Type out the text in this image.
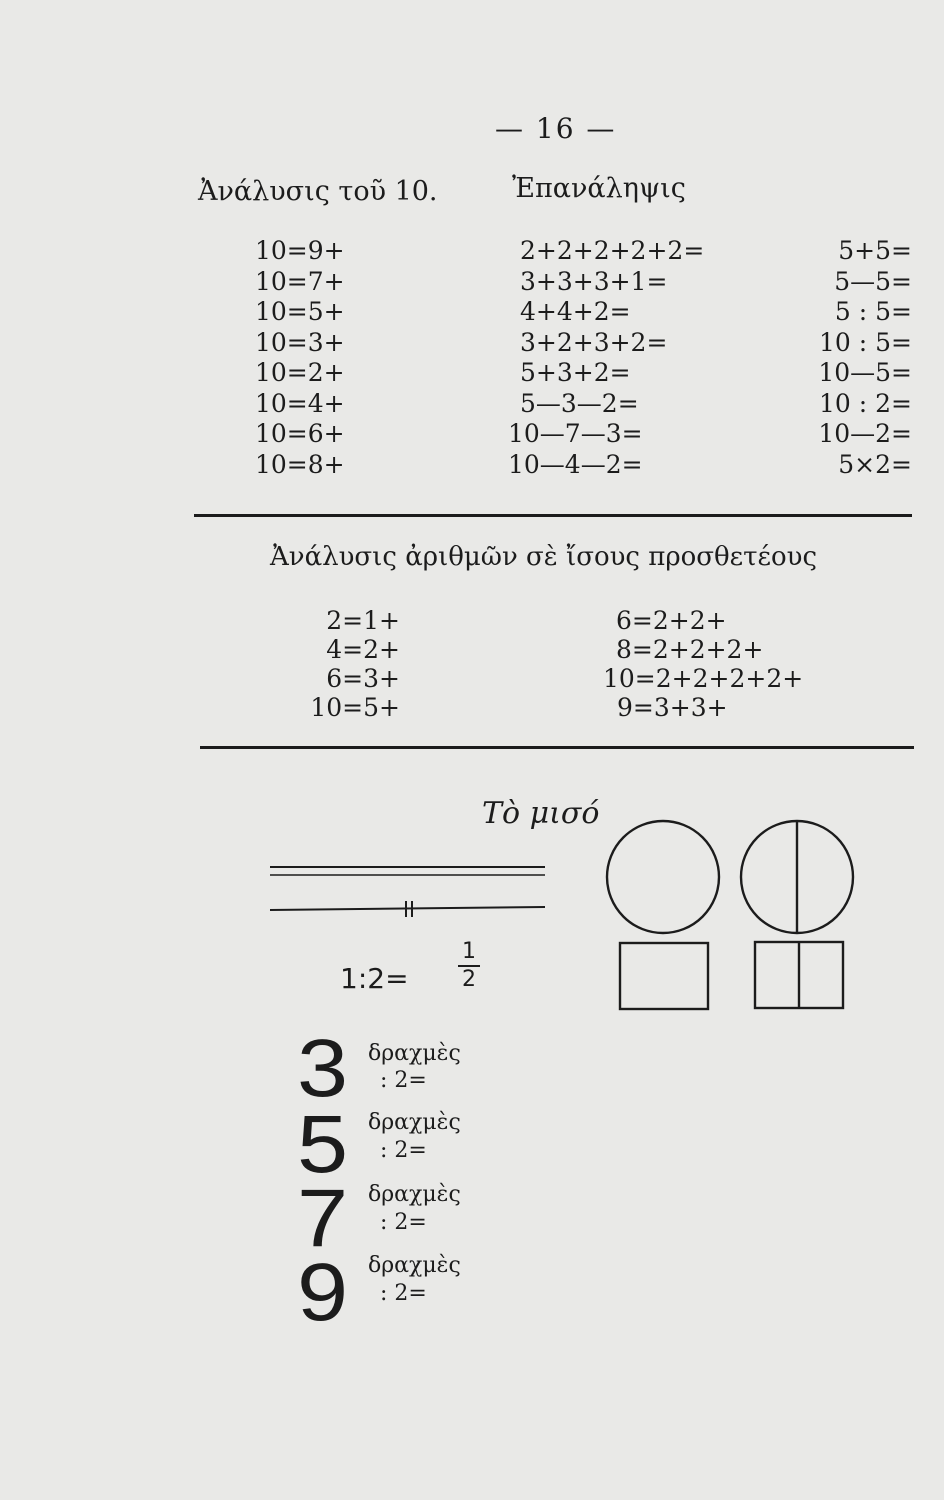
— 16 —
Ἀνάλυσις τοῦ 10.	Ἐπανάληψις
10=9+
10=7+
10=5+
10=3+
10=2+
10=4+
10=6+
10=8+
2+2+2+2+2=
3+3+3+1=
4+4+2=
3+2+3+2=
5+3+2=
5—3—2=
10—7—3=
10—4—2=
5+5=
5—5=
5 : 5=
10 : 5=
10—5=
10 : 2=
10—2=
5×2=
Ἀνάλυσις ἀριθμῶν σὲ ἴσους προσθετέους
2=1+
4=2+
6=3+
10=5+
6=2+2+
8=2+2+2+
10=2+2+2+2+
9=3+3+
Τὸ μισό
1:2=
1
2
3 δραχμὲς
: 2=
5 δραχμὲς
: 2=
7 δραχμὲς
: 2=
9 δραχμὲς
: 2=
